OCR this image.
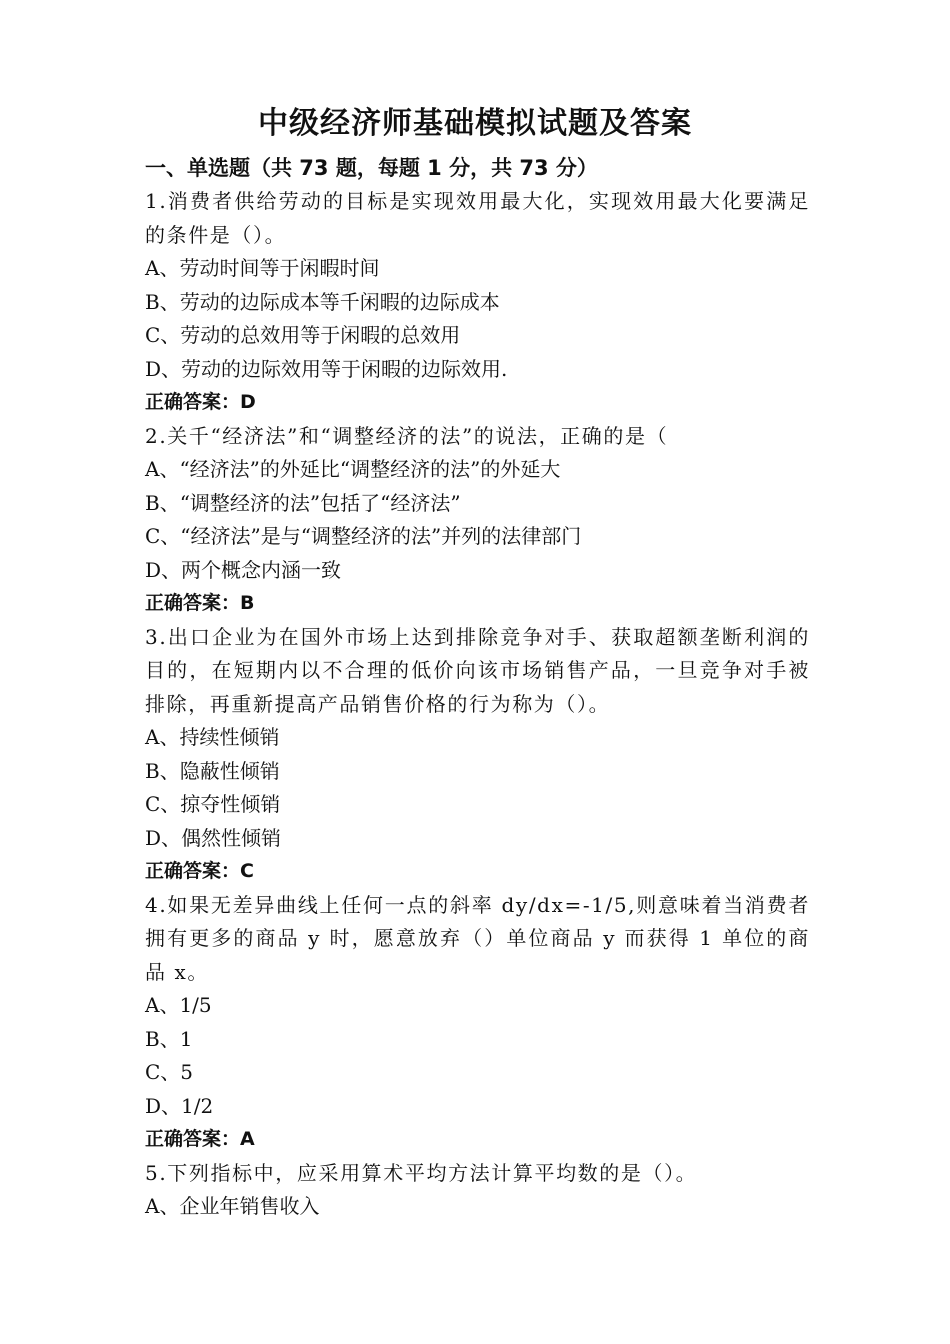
中级经济师基础模拟试题及答案
一、单选题（共 73 题，每题 1 分，共 73 分）
1.消费者供给劳动的目标是实现效用最大化，实现效用最大化要满足的条件是（）。
A、劳动时间等于闲暇时间
B、劳动的边际成本等千闲暇的边际成本
C、劳动的总效用等于闲暇的总效用
D、劳动的边际效用等于闲暇的边际效用.
正确答案：D
2.关千“经济法”和“调整经济的法”的说法，正确的是（
A、“经济法”的外延比“调整经济的法”的外延大
B、“调整经济的法”包括了“经济法”
C、“经济法”是与“调整经济的法”并列的法律部门
D、两个概念内涵一致
正确答案：B
3.出口企业为在国外市场上达到排除竞争对手、获取超额垄断利润的目的，在短期内以不合理的低价向该市场销售产品，一旦竞争对手被排除，再重新提高产品销售价格的行为称为（）。
A、持续性倾销
B、隐蔽性倾销
C、掠夺性倾销
D、偶然性倾销
正确答案：C
4.如果无差异曲线上任何一点的斜率 dy/dx=-1/5,则意味着当消费者拥有更多的商品 y 时，愿意放弃（）单位商品 y 而获得 1 单位的商品 x。
A、1/5
B、1
C、5
D、1/2
正确答案：A
5.下列指标中，应采用算术平均方法计算平均数的是（）。
A、企业年销售收入
